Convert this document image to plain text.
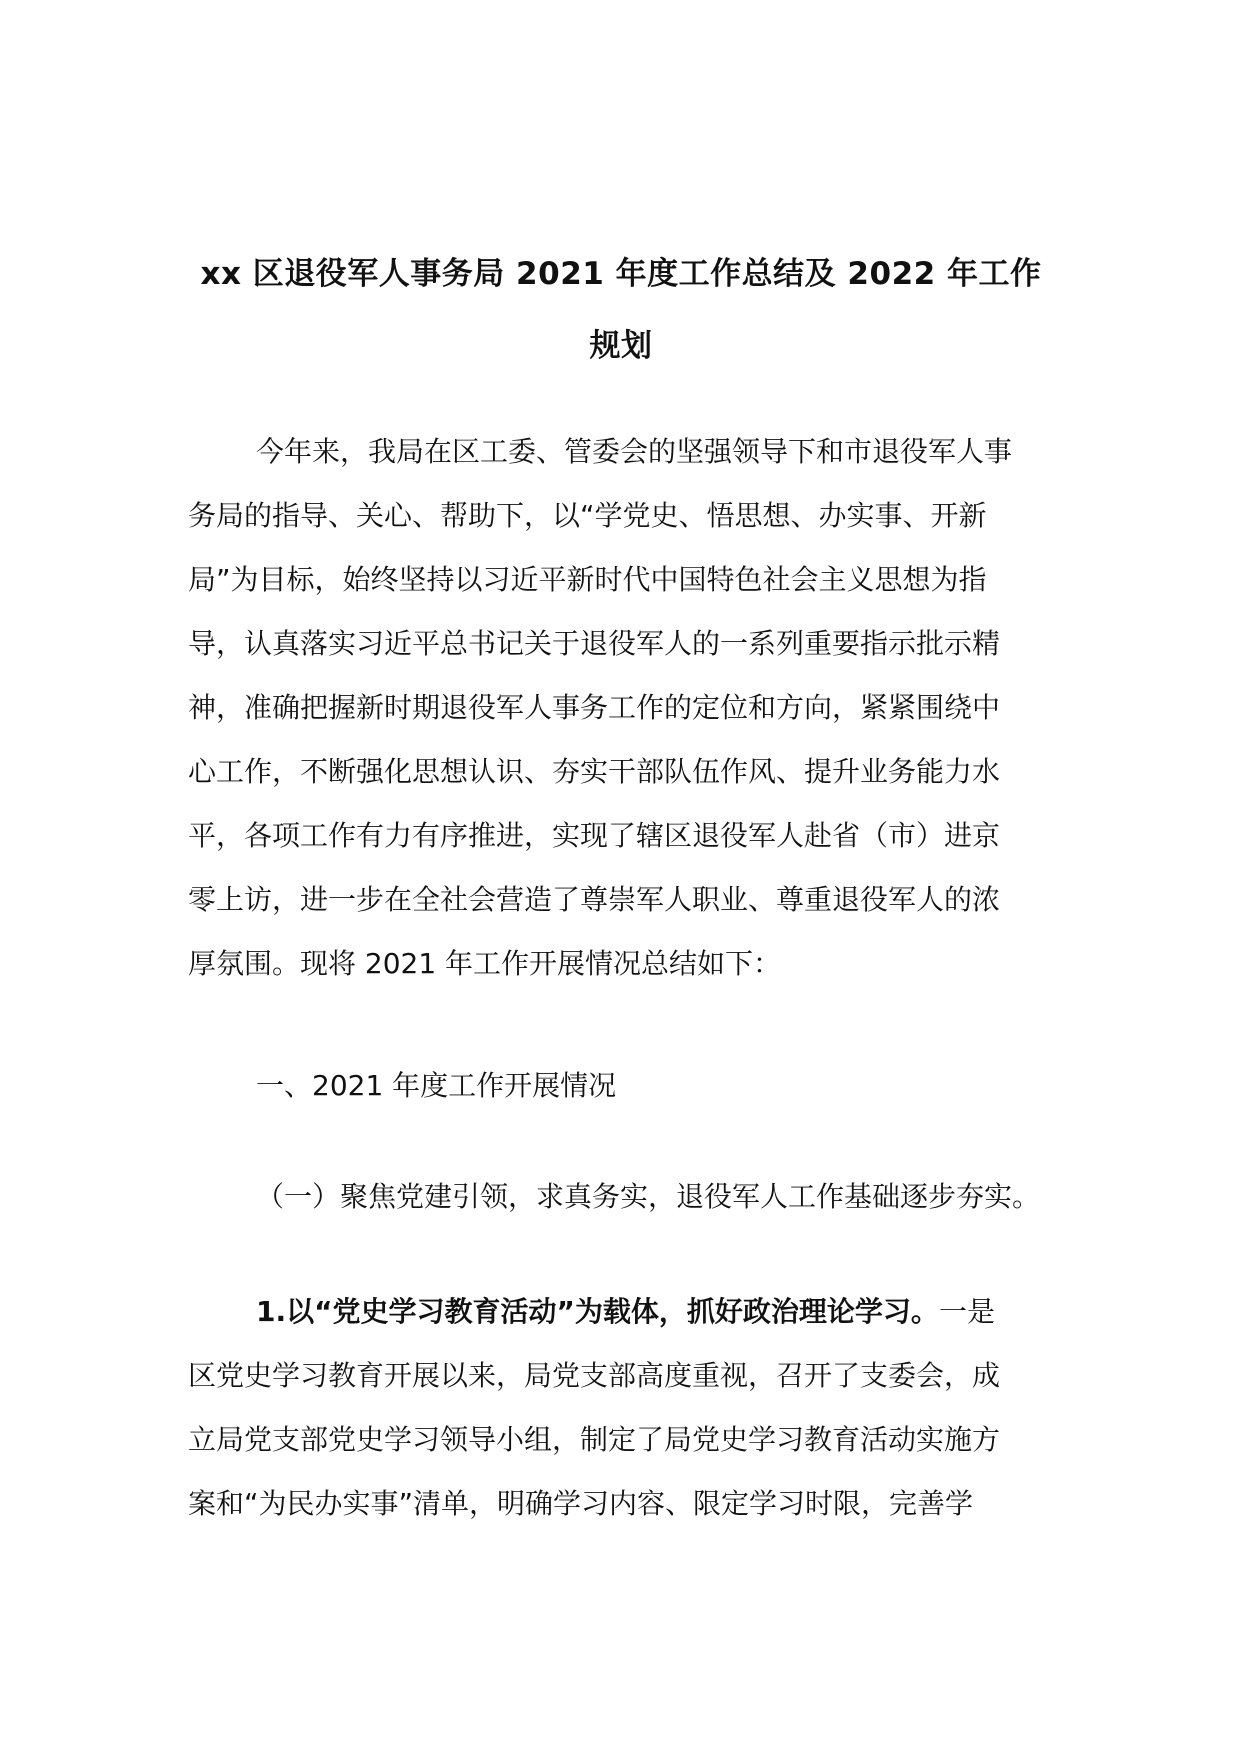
xx 区退役军人事务局 2021 年度工作总结及 2022 年工作
规划
今年来，我局在区工委、管委会的坚强领导下和市退役军人事
务局的指导、关心、帮助下，以“学党史、悟思想、办实事、开新
局”为目标，始终坚持以习近平新时代中国特色社会主义思想为指
导，认真落实习近平总书记关于退役军人的一系列重要指示批示精
神，准确把握新时期退役军人事务工作的定位和方向，紧紧围绕中
心工作，不断强化思想认识、夯实干部队伍作风、提升业务能力水
平，各项工作有力有序推进，实现了辖区退役军人赴省（市）进京
零上访，进一步在全社会营造了尊崇军人职业、尊重退役军人的浓
厚氛围。现将 2021 年工作开展情况总结如下：
一、2021 年度工作开展情况
（一）聚焦党建引领，求真务实，退役军人工作基础逐步夯实。
1.以“党史学习教育活动”为载体，抓好政治理论学习。一是
区党史学习教育开展以来，局党支部高度重视，召开了支委会，成
立局党支部党史学习领导小组，制定了局党史学习教育活动实施方
案和“为民办实事”清单，明确学习内容、限定学习时限，完善学
